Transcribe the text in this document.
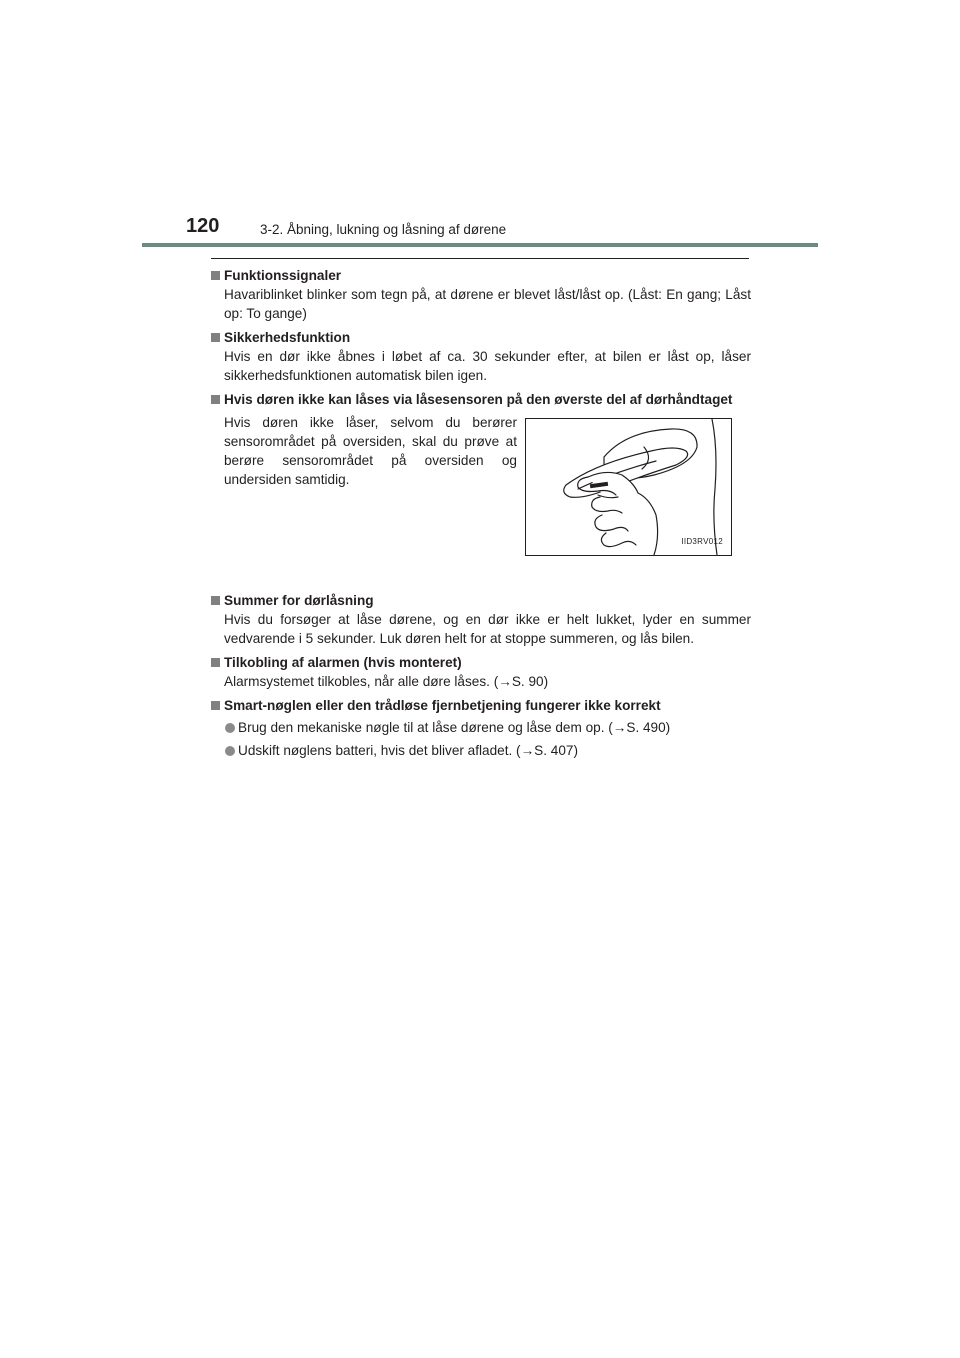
120	3-2. Åbning, lukning og låsning af dørene
Funktionssignaler
Havariblinket blinker som tegn på, at dørene er blevet låst/låst op. (Låst: En gang; Låst op: To gange)
Sikkerhedsfunktion
Hvis en dør ikke åbnes i løbet af ca. 30 sekunder efter, at bilen er låst op, låser sikkerhedsfunktionen automatisk bilen igen.
Hvis døren ikke kan låses via låsesensoren på den øverste del af dørhåndtaget
Hvis døren ikke låser, selvom du berører sensorområdet på oversiden, skal du prøve at berøre sensorområdet på oversiden og undersiden samtidig.
IID3RV012
Summer for dørlåsning
Hvis du forsøger at låse dørene, og en dør ikke er helt lukket, lyder en summer vedvarende i 5 sekunder. Luk døren helt for at stoppe summeren, og lås bilen.
Tilkobling af alarmen (hvis monteret)
Alarmsystemet tilkobles, når alle døre låses. (→S. 90)
Smart-nøglen eller den trådløse fjernbetjening fungerer ikke korrekt
Brug den mekaniske nøgle til at låse dørene og låse dem op. (→S. 490)
Udskift nøglens batteri, hvis det bliver afladet. (→S. 407)
